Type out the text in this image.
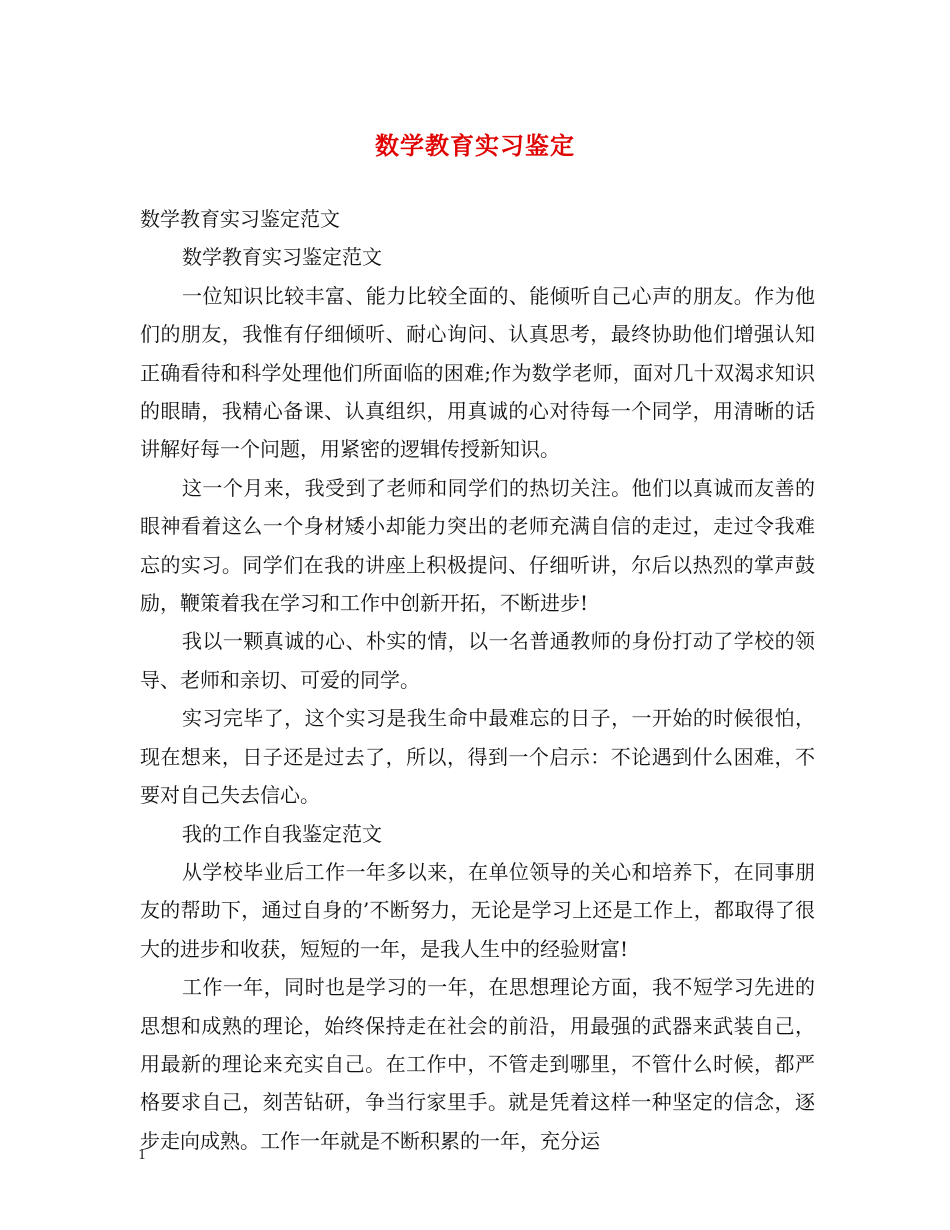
数学教育实习鉴定

数学教育实习鉴定范文

数学教育实习鉴定范文

一位知识比较丰富、能力比较全面的、能倾听自己心声的朋友。作为他们的朋友，我惟有仔细倾听、耐心询问、认真思考，最终协助他们增强认知正确看待和科学处理他们所面临的困难;作为数学老师，面对几十双渴求知识的眼睛，我精心备课、认真组织，用真诚的心对待每一个同学，用清晰的话讲解好每一个问题，用紧密的逻辑传授新知识。

这一个月来，我受到了老师和同学们的热切关注。他们以真诚而友善的眼神看着这么一个身材矮小却能力突出的老师充满自信的走过，走过令我难忘的实习。同学们在我的讲座上积极提问、仔细听讲，尔后以热烈的掌声鼓励，鞭策着我在学习和工作中创新开拓，不断进步!

我以一颗真诚的心、朴实的情，以一名普通教师的身份打动了学校的领导、老师和亲切、可爱的同学。

实习完毕了，这个实习是我生命中最难忘的日子，一开始的时候很怕，现在想来，日子还是过去了，所以，得到一个启示：不论遇到什么困难，不要对自己失去信心。

我的工作自我鉴定范文

从学校毕业后工作一年多以来，在单位领导的关心和培养下，在同事朋友的帮助下，通过自身的’不断努力，无论是学习上还是工作上，都取得了很大的进步和收获，短短的一年，是我人生中的经验财富!

工作一年，同时也是学习的一年，在思想理论方面，我不短学习先进的思想和成熟的理论，始终保持走在社会的前沿，用最强的武器来武装自己，用最新的理论来充实自己。在工作中，不管走到哪里，不管什么时候，都严格要求自己，刻苦钻研，争当行家里手。就是凭着这样一种坚定的信念，逐步走向成熟。工作一年就是不断积累的一年，充分运

1
